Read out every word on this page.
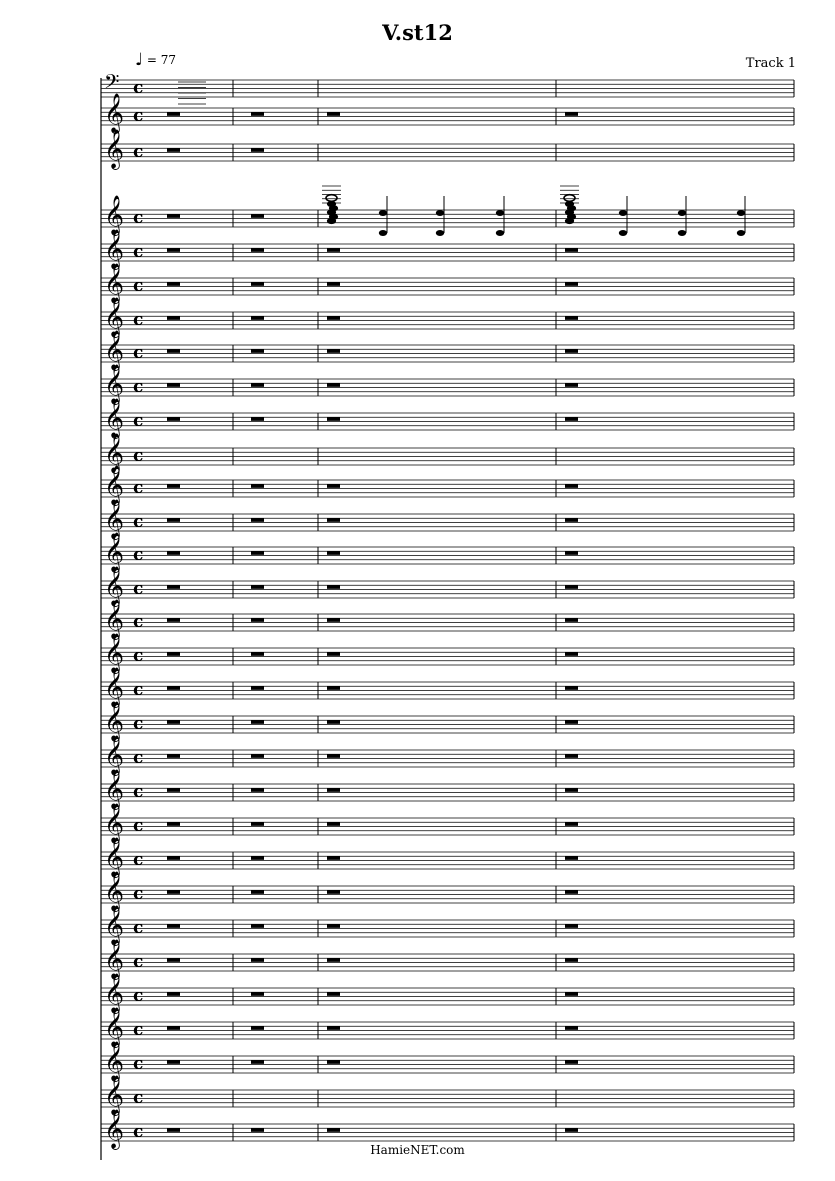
V.st12
Track 1
♩ = 77
𝄢 c
𝄞 c
𝄞 c
𝄞 c
𝄞 c
𝄞 c
𝄞 c
𝄞 c
𝄞 c
𝄞 c
𝄞 c
𝄞 c
𝄞 c
𝄞 c
𝄞 c
𝄞 c
𝄞 c
𝄞 c
𝄞 c
𝄞 c
𝄞 c
𝄞 c
𝄞 c
𝄞 c
𝄞 c
𝄞 c
𝄞 c
𝄞 c
𝄞 c
𝄞 c
𝄞 c
HamieNET.com
